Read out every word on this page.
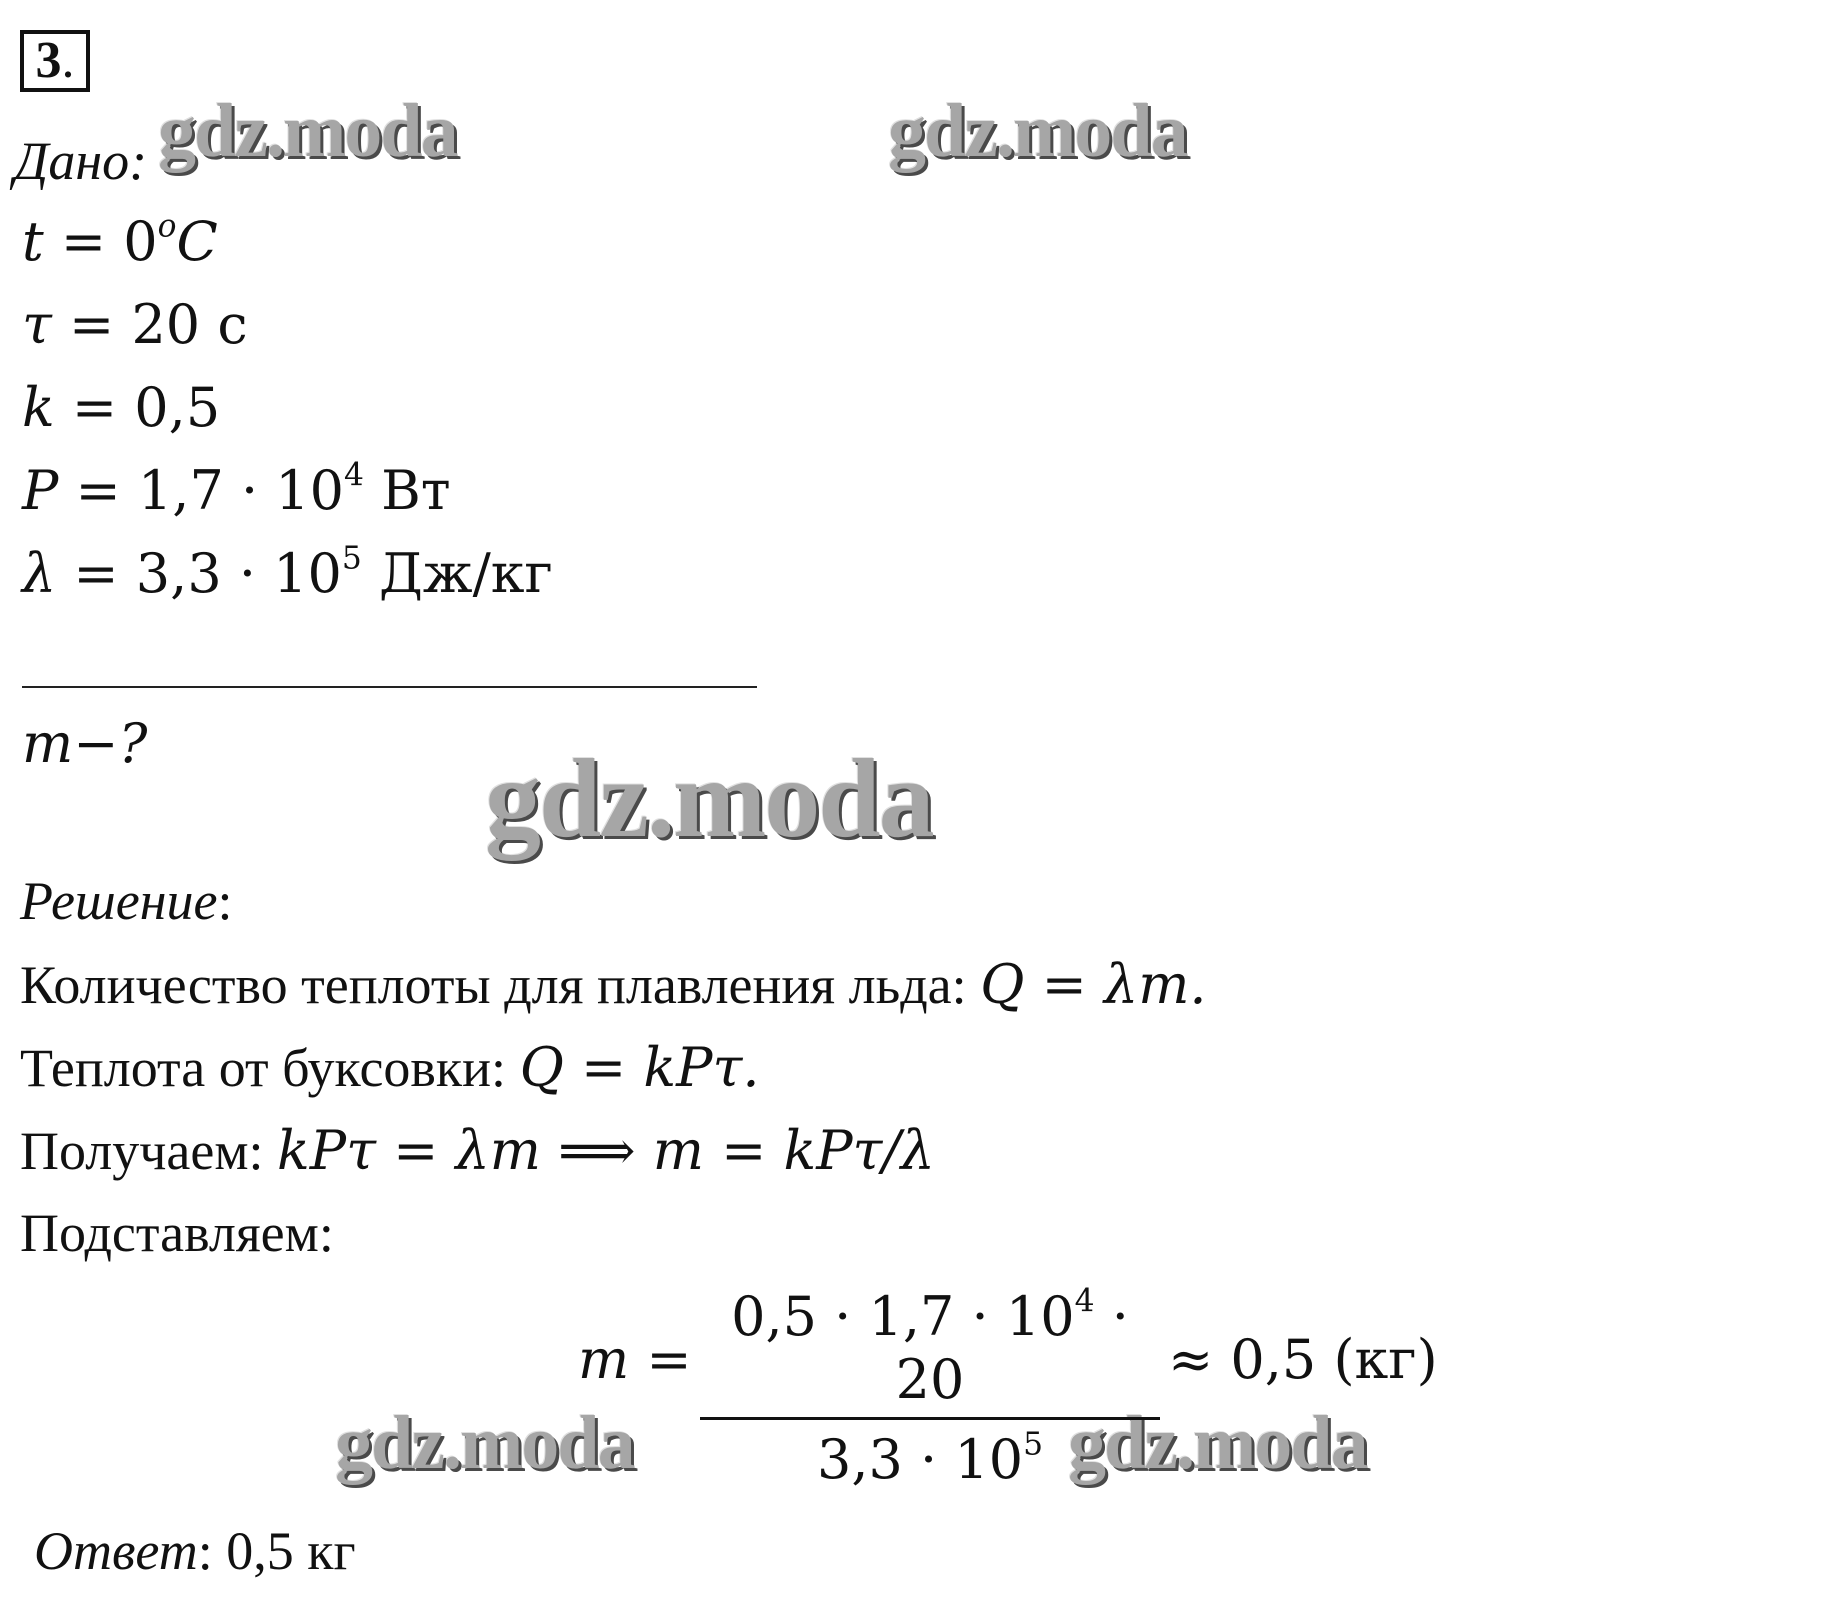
3.
gdz.moda	gdz.moda
gdz.moda
gdz.moda	gdz.moda
Дано:
$t = 0^oC$
τ = 20 с
k = 0,5
$P = 1,7 \cdot 10^4$ Вт
$\lambda = 3,3 \cdot 10^5$ Дж/кг
m−?
Решение:
Количество теплоты для плавления льда: Q = λm.
Теплота от буксовки: Q = kPτ.
Получаем: kPτ = λm ⟹ m = kPτ/λ
Подставляем:
m =
$0,5 \cdot 1,7 \cdot 10^4 \cdot 20$
$3,3 \cdot 10^5$
≈ 0,5 (кг)
Ответ: 0,5 кг
